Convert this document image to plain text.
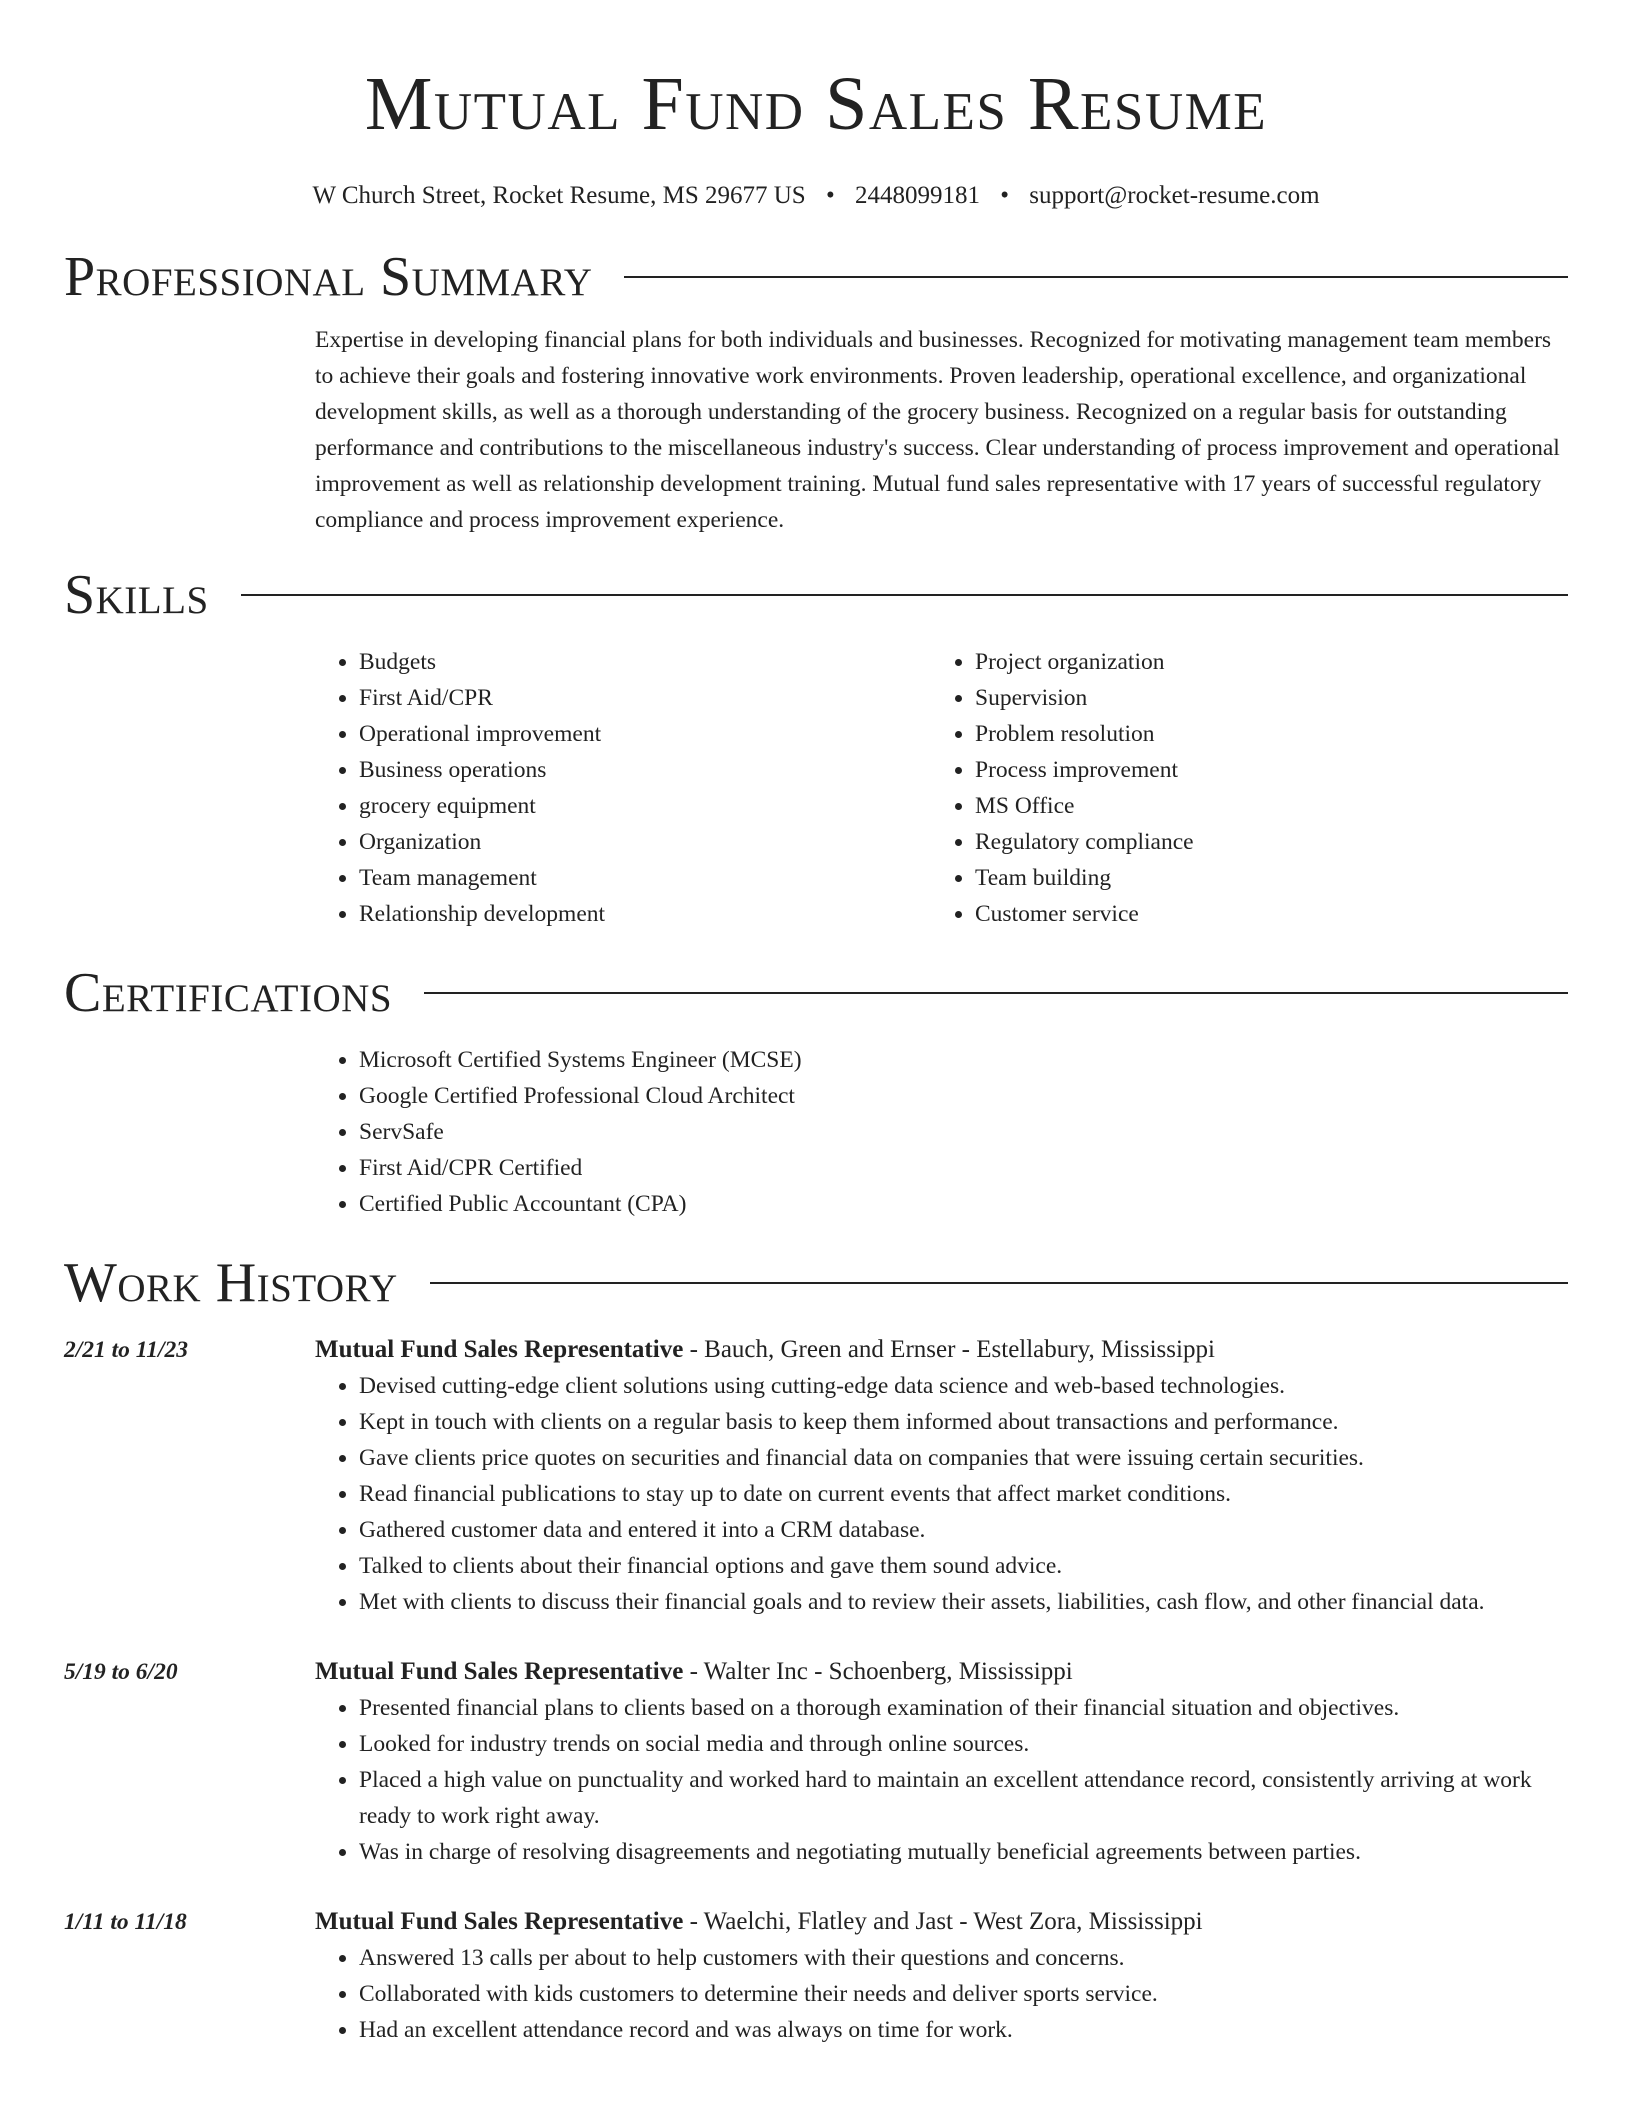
Mutual Fund Sales Resume
W Church Street, Rocket Resume, MS 29677 US • 2448099181 • support@rocket-resume.com
Professional Summary
Expertise in developing financial plans for both individuals and businesses. Recognized for motivating management team members to achieve their goals and fostering innovative work environments. Proven leadership, operational excellence, and organizational development skills, as well as a thorough understanding of the grocery business. Recognized on a regular basis for outstanding performance and contributions to the miscellaneous industry's success. Clear understanding of process improvement and operational improvement as well as relationship development training. Mutual fund sales representative with 17 years of successful regulatory compliance and process improvement experience.
Skills
• Budgets
• First Aid/CPR
• Operational improvement
• Business operations
• grocery equipment
• Organization
• Team management
• Relationship development
• Project organization
• Supervision
• Problem resolution
• Process improvement
• MS Office
• Regulatory compliance
• Team building
• Customer service
Certifications
• Microsoft Certified Systems Engineer (MCSE)
• Google Certified Professional Cloud Architect
• ServSafe
• First Aid/CPR Certified
• Certified Public Accountant (CPA)
Work History
2/21 to 11/23	Mutual Fund Sales Representative - Bauch, Green and Ernser - Estellabury, Mississippi
• Devised cutting-edge client solutions using cutting-edge data science and web-based technologies.
• Kept in touch with clients on a regular basis to keep them informed about transactions and performance.
• Gave clients price quotes on securities and financial data on companies that were issuing certain securities.
• Read financial publications to stay up to date on current events that affect market conditions.
• Gathered customer data and entered it into a CRM database.
• Talked to clients about their financial options and gave them sound advice.
• Met with clients to discuss their financial goals and to review their assets, liabilities, cash flow, and other financial data.
5/19 to 6/20	Mutual Fund Sales Representative - Walter Inc - Schoenberg, Mississippi
• Presented financial plans to clients based on a thorough examination of their financial situation and objectives.
• Looked for industry trends on social media and through online sources.
• Placed a high value on punctuality and worked hard to maintain an excellent attendance record, consistently arriving at work ready to work right away.
• Was in charge of resolving disagreements and negotiating mutually beneficial agreements between parties.
1/11 to 11/18	Mutual Fund Sales Representative - Waelchi, Flatley and Jast - West Zora, Mississippi
• Answered 13 calls per about to help customers with their questions and concerns.
• Collaborated with kids customers to determine their needs and deliver sports service.
• Had an excellent attendance record and was always on time for work.
